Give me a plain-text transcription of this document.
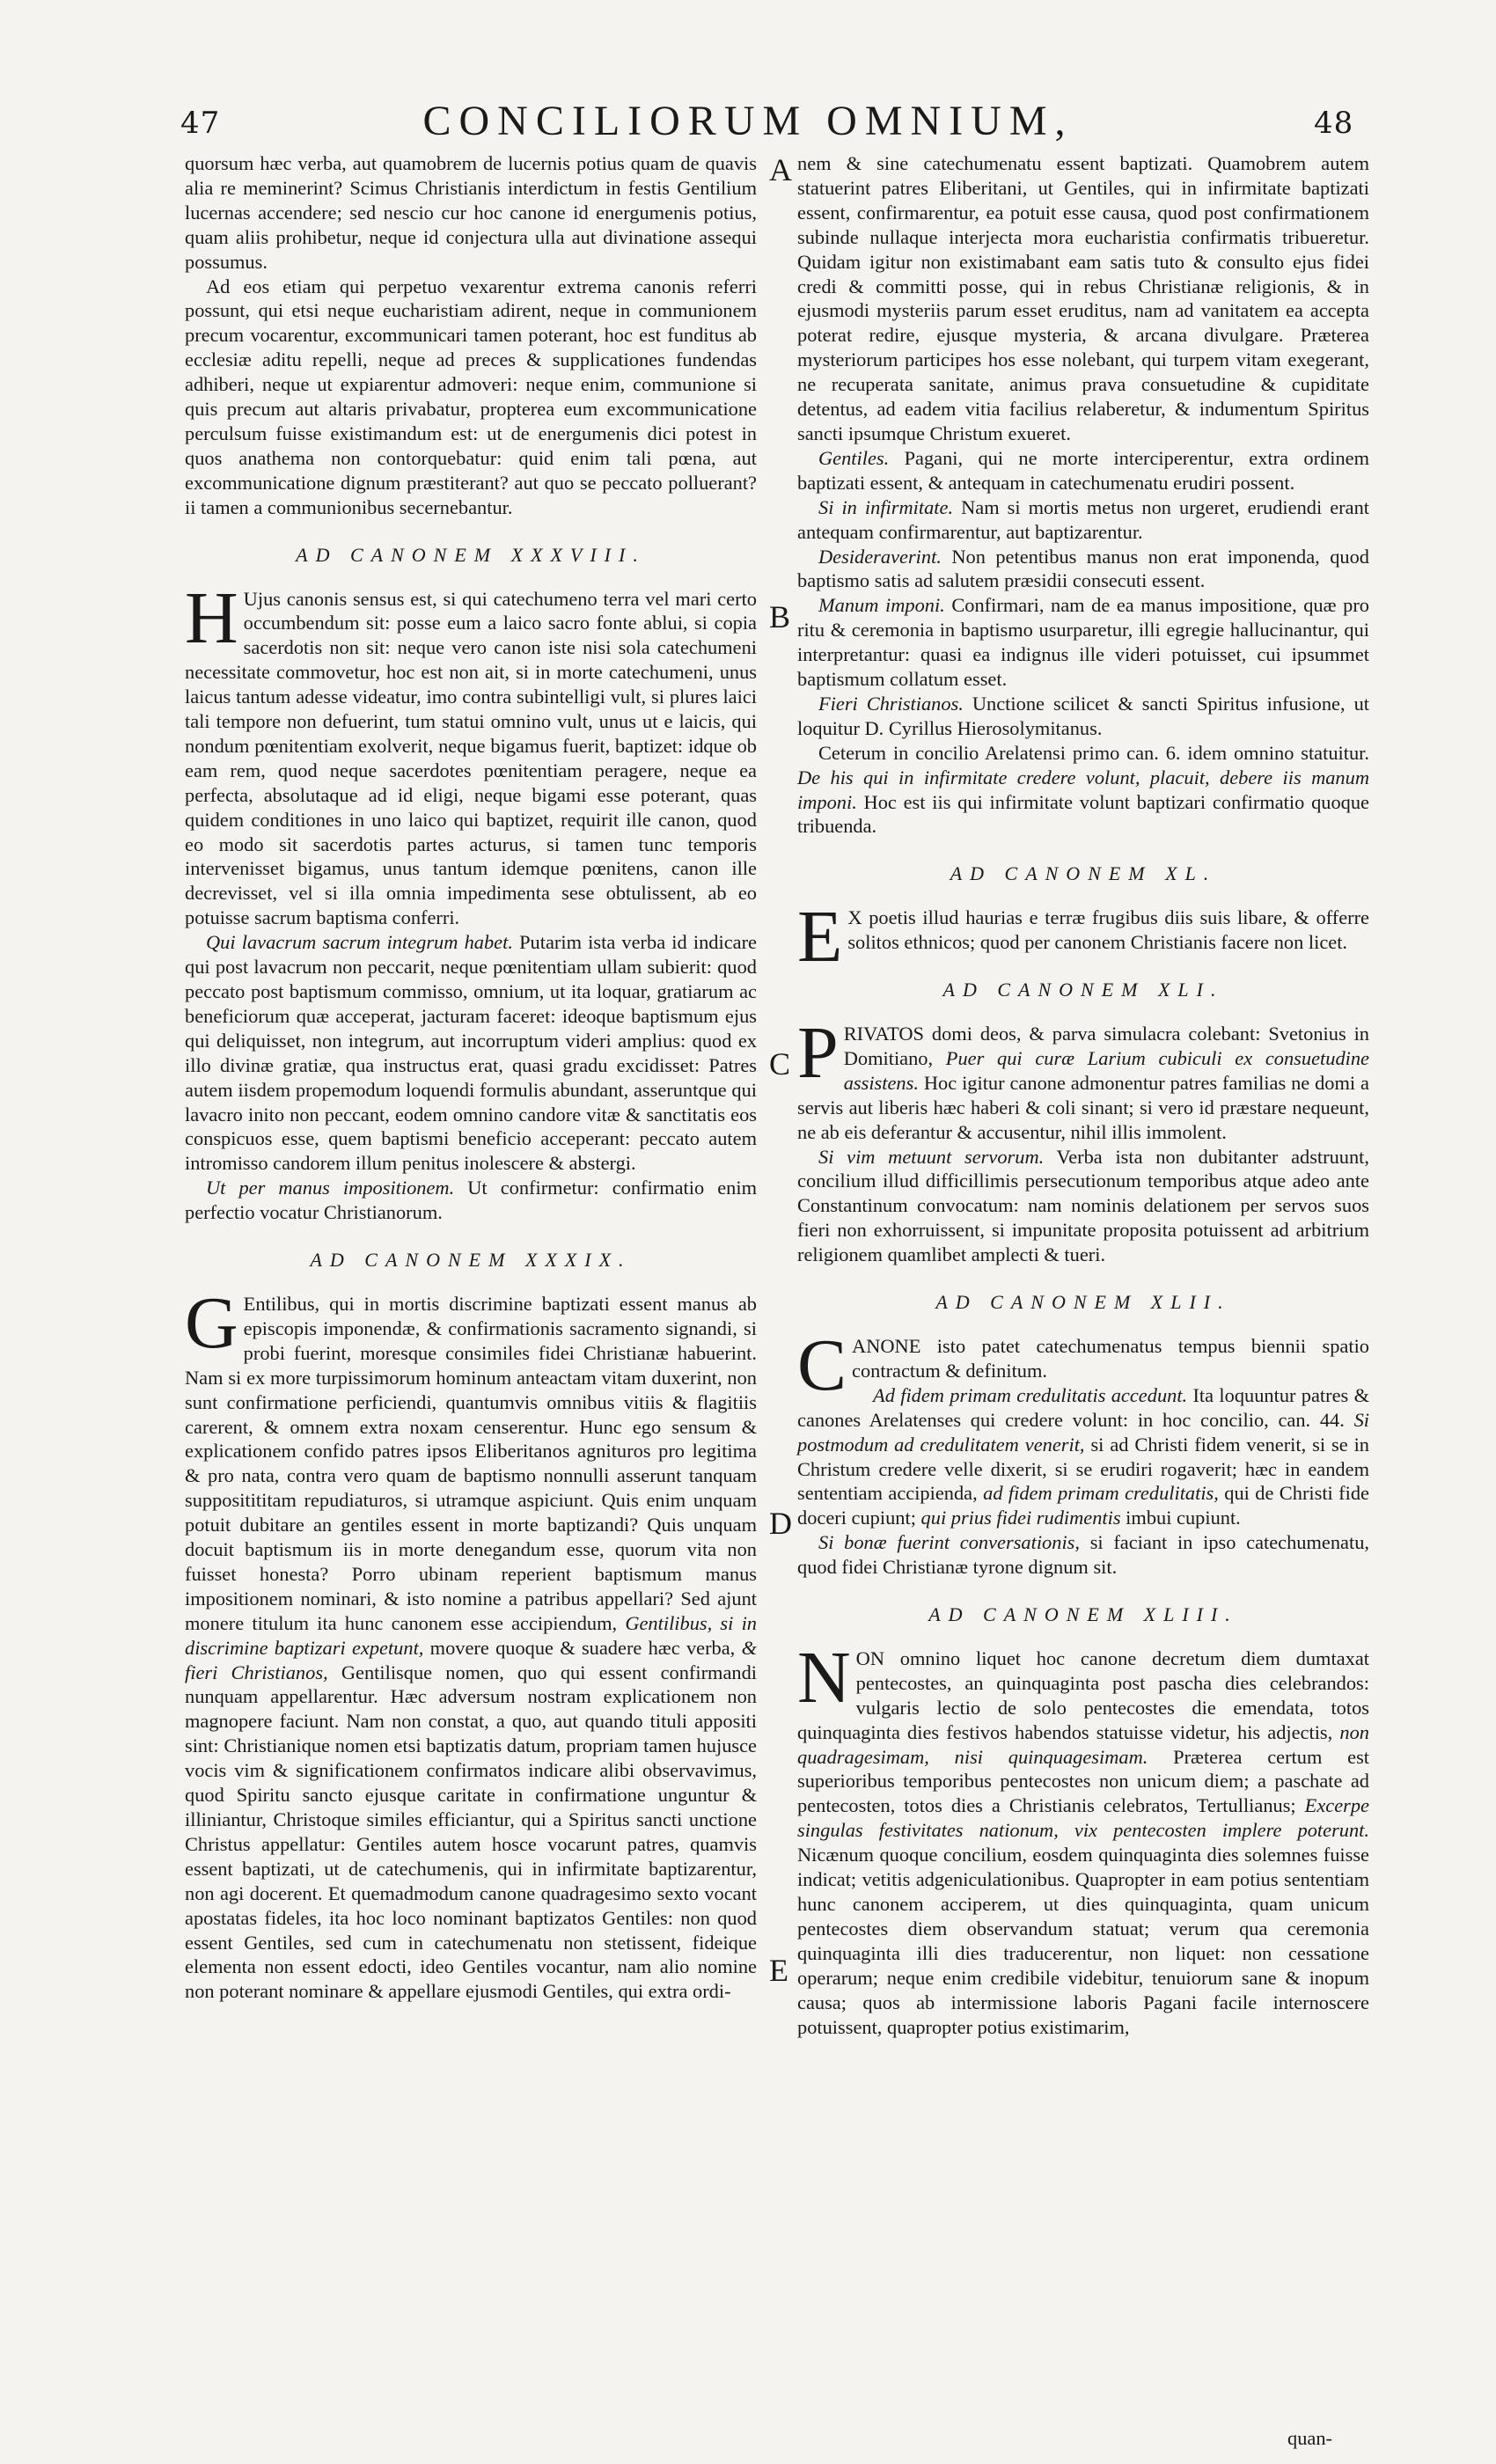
47	CONCILIORUM OMNIUM,	48
A
B
C
D
E

quorsum hæc verba, aut quamobrem de lucernis potius quam de quavis alia re meminerint? Scimus Christianis interdictum in festis Gentilium lucernas accendere; sed nescio cur hoc canone id energumenis potius, quam aliis prohibetur, neque id conjectura ulla aut divinatione assequi possumus.

Ad eos etiam qui perpetuo vexarentur extrema canonis referri possunt, qui etsi neque eucharistiam adirent, neque in communionem precum vocarentur, excommunicari tamen poterant, hoc est funditus ab ecclesiæ aditu repelli, neque ad preces & supplicationes fundendas adhiberi, neque ut expiarentur admoveri: neque enim, communione si quis precum aut altaris privabatur, propterea eum excommunicatione perculsum fuisse existimandum est: ut de energumenis dici potest in quos anathema non contorquebatur: quid enim tali pœna, aut excommunicatione dignum præstiterant? aut quo se peccato polluerant? ii tamen a communionibus secernebantur.

AD CANONEM XXXVIII.

H Ujus canonis sensus est, si qui catechumeno terra vel mari certo occumbendum sit: posse eum a laico sacro fonte ablui, si copia sacerdotis non sit: neque vero canon iste nisi sola catechumeni necessitate commovetur, hoc est non ait, si in morte catechumeni, unus laicus tantum adesse videatur, imo contra subintelligi vult, si plures laici tali tempore non defuerint, tum statui omnino vult, unus ut e laicis, qui nondum pœnitentiam exolverit, neque bigamus fuerit, baptizet: idque ob eam rem, quod neque sacerdotes pœnitentiam peragere, neque ea perfecta, absolutaque ad id eligi, neque bigami esse poterant, quas quidem conditiones in uno laico qui baptizet, requirit ille canon, quod eo modo sit sacerdotis partes acturus, si tamen tunc temporis intervenisset bigamus, unus tantum idemque pœnitens, canon ille decrevisset, vel si illa omnia impedimenta sese obtulissent, ab eo potuisse sacrum baptisma conferri.

Qui lavacrum sacrum integrum habet. Putarim ista verba id indicare qui post lavacrum non peccarit, neque pœnitentiam ullam subierit: quod peccato post baptismum commisso, omnium, ut ita loquar, gratiarum ac beneficiorum quæ acceperat, jacturam faceret: ideoque baptismum ejus qui deliquisset, non integrum, aut incorruptum videri amplius: quod ex illo divinæ gratiæ, qua instructus erat, quasi gradu excidisset: Patres autem iisdem propemodum loquendi formulis abundant, asseruntque qui lavacro inito non peccant, eodem omnino candore vitæ & sanctitatis eos conspicuos esse, quem baptismi beneficio acceperant: peccato autem intromisso candorem illum penitus inolescere & abstergi.

Ut per manus impositionem. Ut confirmetur: confirmatio enim perfectio vocatur Christianorum.

AD CANONEM XXXIX.

G Entilibus, qui in mortis discrimine baptizati essent manus ab episcopis imponendæ, & confirmationis sacramento signandi, si probi fuerint, moresque consimiles fidei Christianæ habuerint. Nam si ex more turpissimorum hominum anteactam vitam duxerint, non sunt confirmatione perficiendi, quantumvis omnibus vitiis & flagitiis carerent, & omnem extra noxam censerentur. Hunc ego sensum & explicationem confido patres ipsos Eliberitanos agnituros pro legitima & pro nata, contra vero quam de baptismo nonnulli asserunt tanquam suppositititam repudiaturos, si utramque aspiciunt. Quis enim unquam potuit dubitare an gentiles essent in morte baptizandi? Quis unquam docuit baptismum iis in morte denegandum esse, quorum vita non fuisset honesta? Porro ubinam reperient baptismum manus impositionem nominari, & isto nomine a patribus appellari? Sed ajunt monere titulum ita hunc canonem esse accipiendum, Gentilibus, si in discrimine baptizari expetunt, movere quoque & suadere hæc verba, & fieri Christianos, Gentilisque nomen, quo qui essent confirmandi nunquam appellarentur. Hæc adversum nostram explicationem non magnopere faciunt. Nam non constat, a quo, aut quando tituli appositi sint: Christianique nomen etsi baptizatis datum, propriam tamen hujusce vocis vim & significationem confirmatos indicare alibi observavimus, quod Spiritu sancto ejusque caritate in confirmatione unguntur & illiniantur, Christoque similes efficiantur, qui a Spiritus sancti unctione Christus appellatur: Gentiles autem hosce vocarunt patres, quamvis essent baptizati, ut de catechumenis, qui in infirmitate baptizarentur, non agi docerent. Et quemadmodum canone quadragesimo sexto vocant apostatas fideles, ita hoc loco nominant baptizatos Gentiles: non quod essent Gentiles, sed cum in catechumenatu non stetissent, fideique elementa non essent edocti, ideo Gentiles vocantur, nam alio nomine non poterant nominare & appellare ejusmodi Gentiles, qui extra ordi-

nem & sine catechumenatu essent baptizati. Quamobrem autem statuerint patres Eliberitani, ut Gentiles, qui in infirmitate baptizati essent, confirmarentur, ea potuit esse causa, quod post confirmationem subinde nullaque interjecta mora eucharistia confirmatis tribueretur. Quidam igitur non existimabant eam satis tuto & consulto ejus fidei credi & committi posse, qui in rebus Christianæ religionis, & in ejusmodi mysteriis parum esset eruditus, nam ad vanitatem ea accepta poterat redire, ejusque mysteria, & arcana divulgare. Præterea mysteriorum participes hos esse nolebant, qui turpem vitam exegerant, ne recuperata sanitate, animus prava consuetudine & cupiditate detentus, ad eadem vitia facilius relaberetur, & indumentum Spiritus sancti ipsumque Christum exueret.

Gentiles. Pagani, qui ne morte interciperentur, extra ordinem baptizati essent, & antequam in catechumenatu erudiri possent.

Si in infirmitate. Nam si mortis metus non urgeret, erudiendi erant antequam confirmarentur, aut baptizarentur.

Desideraverint. Non petentibus manus non erat imponenda, quod baptismo satis ad salutem præsidii consecuti essent.

Manum imponi. Confirmari, nam de ea manus impositione, quæ pro ritu & ceremonia in baptismo usurparetur, illi egregie hallucinantur, qui interpretantur: quasi ea indignus ille videri potuisset, cui ipsummet baptismum collatum esset.

Fieri Christianos. Unctione scilicet & sancti Spiritus infusione, ut loquitur D. Cyrillus Hierosolymitanus.

Ceterum in concilio Arelatensi primo can. 6. idem omnino statuitur. De his qui in infirmitate credere volunt, placuit, debere iis manum imponi. Hoc est iis qui infirmitate volunt baptizari confirmatio quoque tribuenda.

AD CANONEM XL.

E X poetis illud haurias e terræ frugibus diis suis libare, & offerre solitos ethnicos; quod per canonem Christianis facere non licet.

AD CANONEM XLI.

PRIVATOS domi deos, & parva simulacra colebant: Svetonius in Domitiano, Puer qui curæ Larium cubiculi ex consuetudine assistens. Hoc igitur canone admonentur patres familias ne domi a servis aut liberis hæc haberi & coli sinant; si vero id præstare nequeunt, ne ab eis deferantur & accusentur, nihil illis immolent.

Si vim metuunt servorum. Verba ista non dubitanter adstruunt, concilium illud difficillimis persecutionum temporibus atque adeo ante Constantinum convocatum: nam nominis delationem per servos suos fieri non exhorruissent, si impunitate proposita potuissent ad arbitrium religionem quamlibet amplecti & tueri.

AD CANONEM XLII.

CANONE isto patet catechumenatus tempus biennii spatio contractum & definitum.

Ad fidem primam credulitatis accedunt. Ita loquuntur patres & canones Arelatenses qui credere volunt: in hoc concilio, can. 44. Si postmodum ad credulitatem venerit, si ad Christi fidem venerit, si se in Christum credere velle dixerit, si se erudiri rogaverit; hæc in eandem sententiam accipienda, ad fidem primam credulitatis, qui de Christi fide doceri cupiunt; qui prius fidei rudimentis imbui cupiunt.

Si bonæ fuerint conversationis, si faciant in ipso catechumenatu, quod fidei Christianæ tyrone dignum sit.

AD CANONEM XLIII.

NON omnino liquet hoc canone decretum diem dumtaxat pentecostes, an quinquaginta post pascha dies celebrandos: vulgaris lectio de solo pentecostes die emendata, totos quinquaginta dies festivos habendos statuisse videtur, his adjectis, non quadragesimam, nisi quinquagesimam. Præterea certum est superioribus temporibus pentecostes non unicum diem; a paschate ad pentecosten, totos dies a Christianis celebratos, Tertullianus; Excerpe singulas festivitates nationum, vix pentecosten implere poterunt. Nicænum quoque concilium, eosdem quinquaginta dies solemnes fuisse indicat; vetitis adgeniculationibus. Quapropter in eam potius sententiam hunc canonem acciperem, ut dies quinquaginta, quam unicum pentecostes diem observandum statuat; verum qua ceremonia quinquaginta illi dies traducerentur, non liquet: non cessatione operarum; neque enim credibile videbitur, tenuiorum sane & inopum causa; quos ab intermissione laboris Pagani facile internoscere potuissent, quapropter potius existimarim,

quan-
